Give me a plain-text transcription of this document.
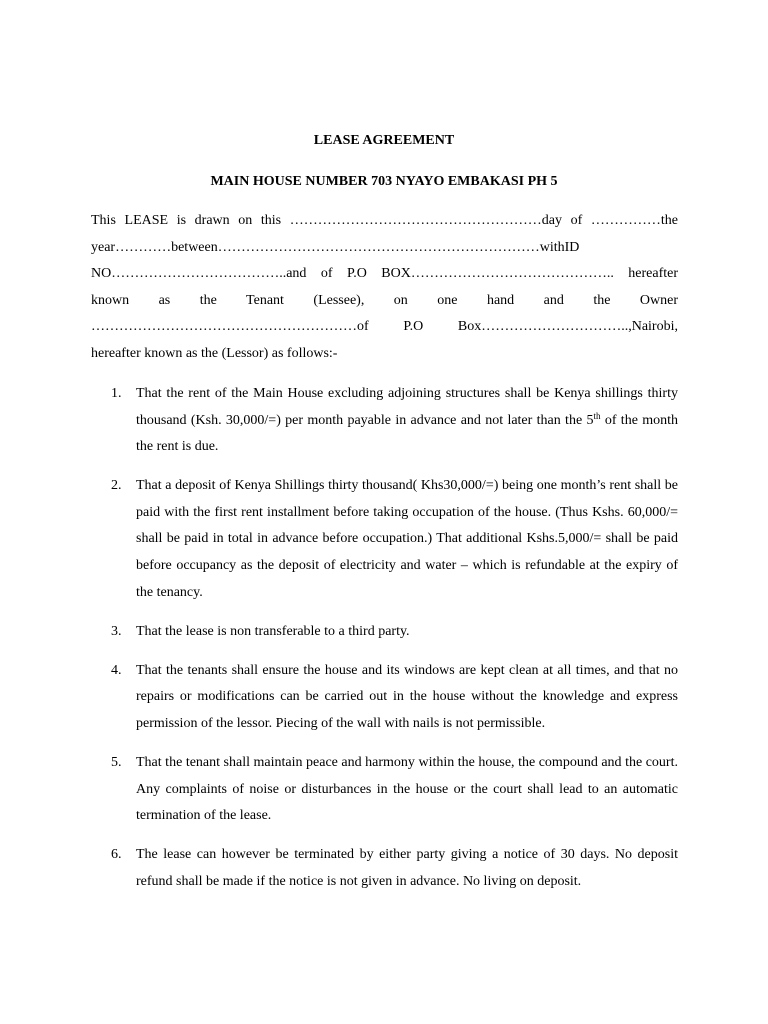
LEASE AGREEMENT
MAIN HOUSE NUMBER 703 NYAYO EMBAKASI PH 5
This LEASE is drawn on this ………………………………………………day of ……………the
year…………between……………………………………………………………withID
NO………………………………..and of P.O BOX…………………………………….. hereafter
known as the Tenant (Lessee), on one hand and the Owner
…………………………………………………of P.O Box…………………………..,Nairobi,
hereafter known as the (Lessor) as follows:-
1. That the rent of the Main House excluding adjoining structures shall be Kenya shillings thirty thousand (Ksh. 30,000/=) per month payable in advance and not later than the 5th of the month the rent is due.
2. That a deposit of Kenya Shillings thirty thousand( Khs30,000/=) being one month’s rent shall be paid with the first rent installment before taking occupation of the house. (Thus Kshs. 60,000/= shall be paid in total in advance before occupation.) That additional Kshs.5,000/= shall be paid before occupancy as the deposit of electricity and water – which is refundable at the expiry of the tenancy.
3. That the lease is non transferable to a third party.
4. That the tenants shall ensure the house and its windows are kept clean at all times, and that no repairs or modifications can be carried out in the house without the knowledge and express permission of the lessor. Piecing of the wall with nails is not permissible.
5. That the tenant shall maintain peace and harmony within the house, the compound and the court. Any complaints of noise or disturbances in the house or the court shall lead to an automatic termination of the lease.
6. The lease can however be terminated by either party giving a notice of 30 days. No deposit refund shall be made if the notice is not given in advance. No living on deposit.
